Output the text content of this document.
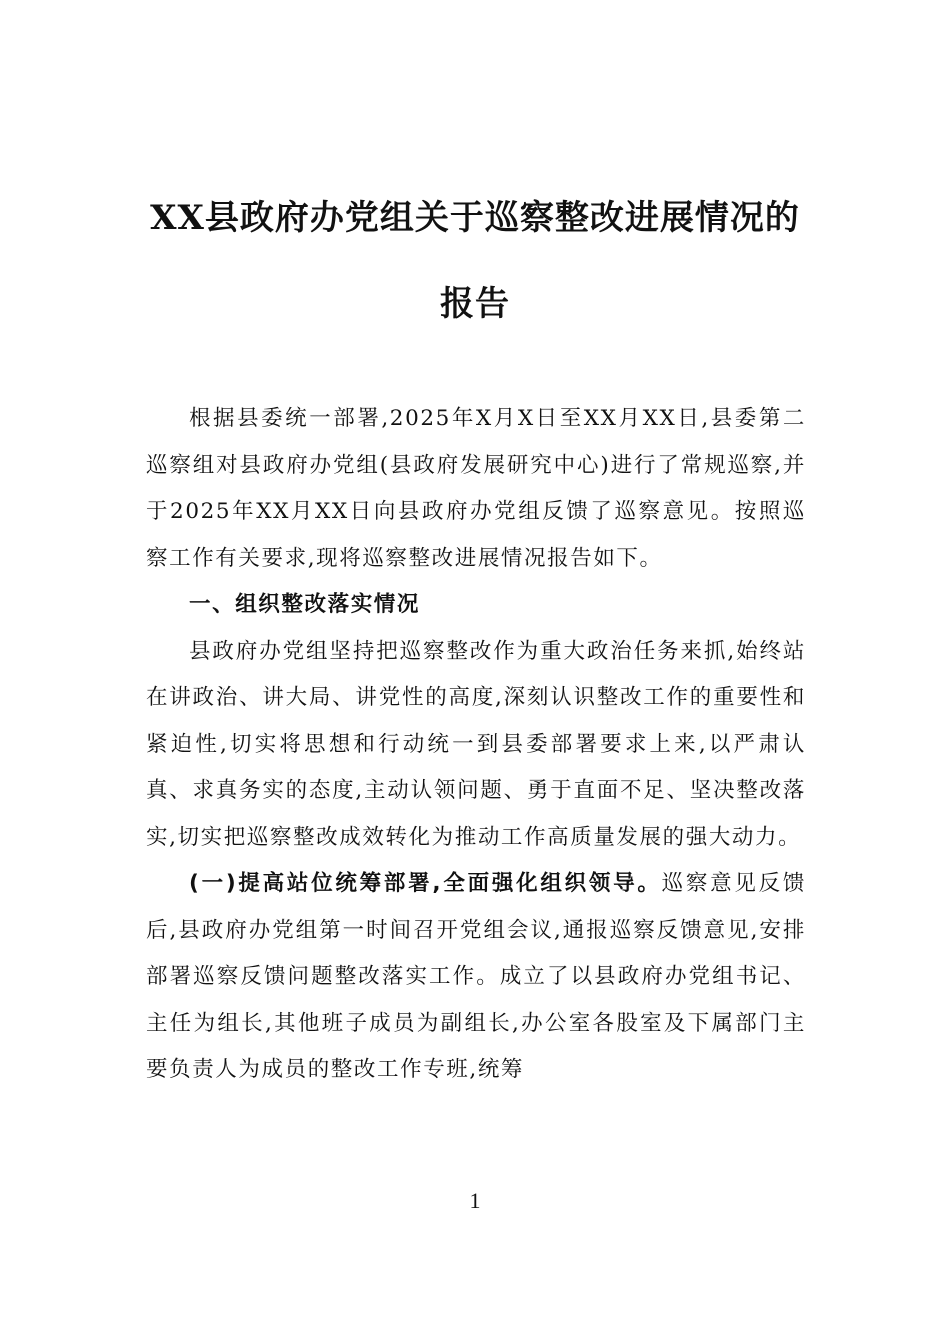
XX县政府办党组关于巡察整改进展情况的
报告

根据县委统一部署,2025年X月X日至XX月XX日,县委第二巡察组对县政府办党组(县政府发展研究中心)进行了常规巡察,并于2025年XX月XX日向县政府办党组反馈了巡察意见。按照巡察工作有关要求,现将巡察整改进展情况报告如下。

一、组织整改落实情况

县政府办党组坚持把巡察整改作为重大政治任务来抓,始终站在讲政治、讲大局、讲党性的高度,深刻认识整改工作的重要性和紧迫性,切实将思想和行动统一到县委部署要求上来,以严肃认真、求真务实的态度,主动认领问题、勇于直面不足、坚决整改落实,切实把巡察整改成效转化为推动工作高质量发展的强大动力。

(一)提高站位统筹部署,全面强化组织领导。巡察意见反馈后,县政府办党组第一时间召开党组会议,通报巡察反馈意见,安排部署巡察反馈问题整改落实工作。成立了以县政府办党组书记、主任为组长,其他班子成员为副组长,办公室各股室及下属部门主要负责人为成员的整改工作专班,统筹

1
